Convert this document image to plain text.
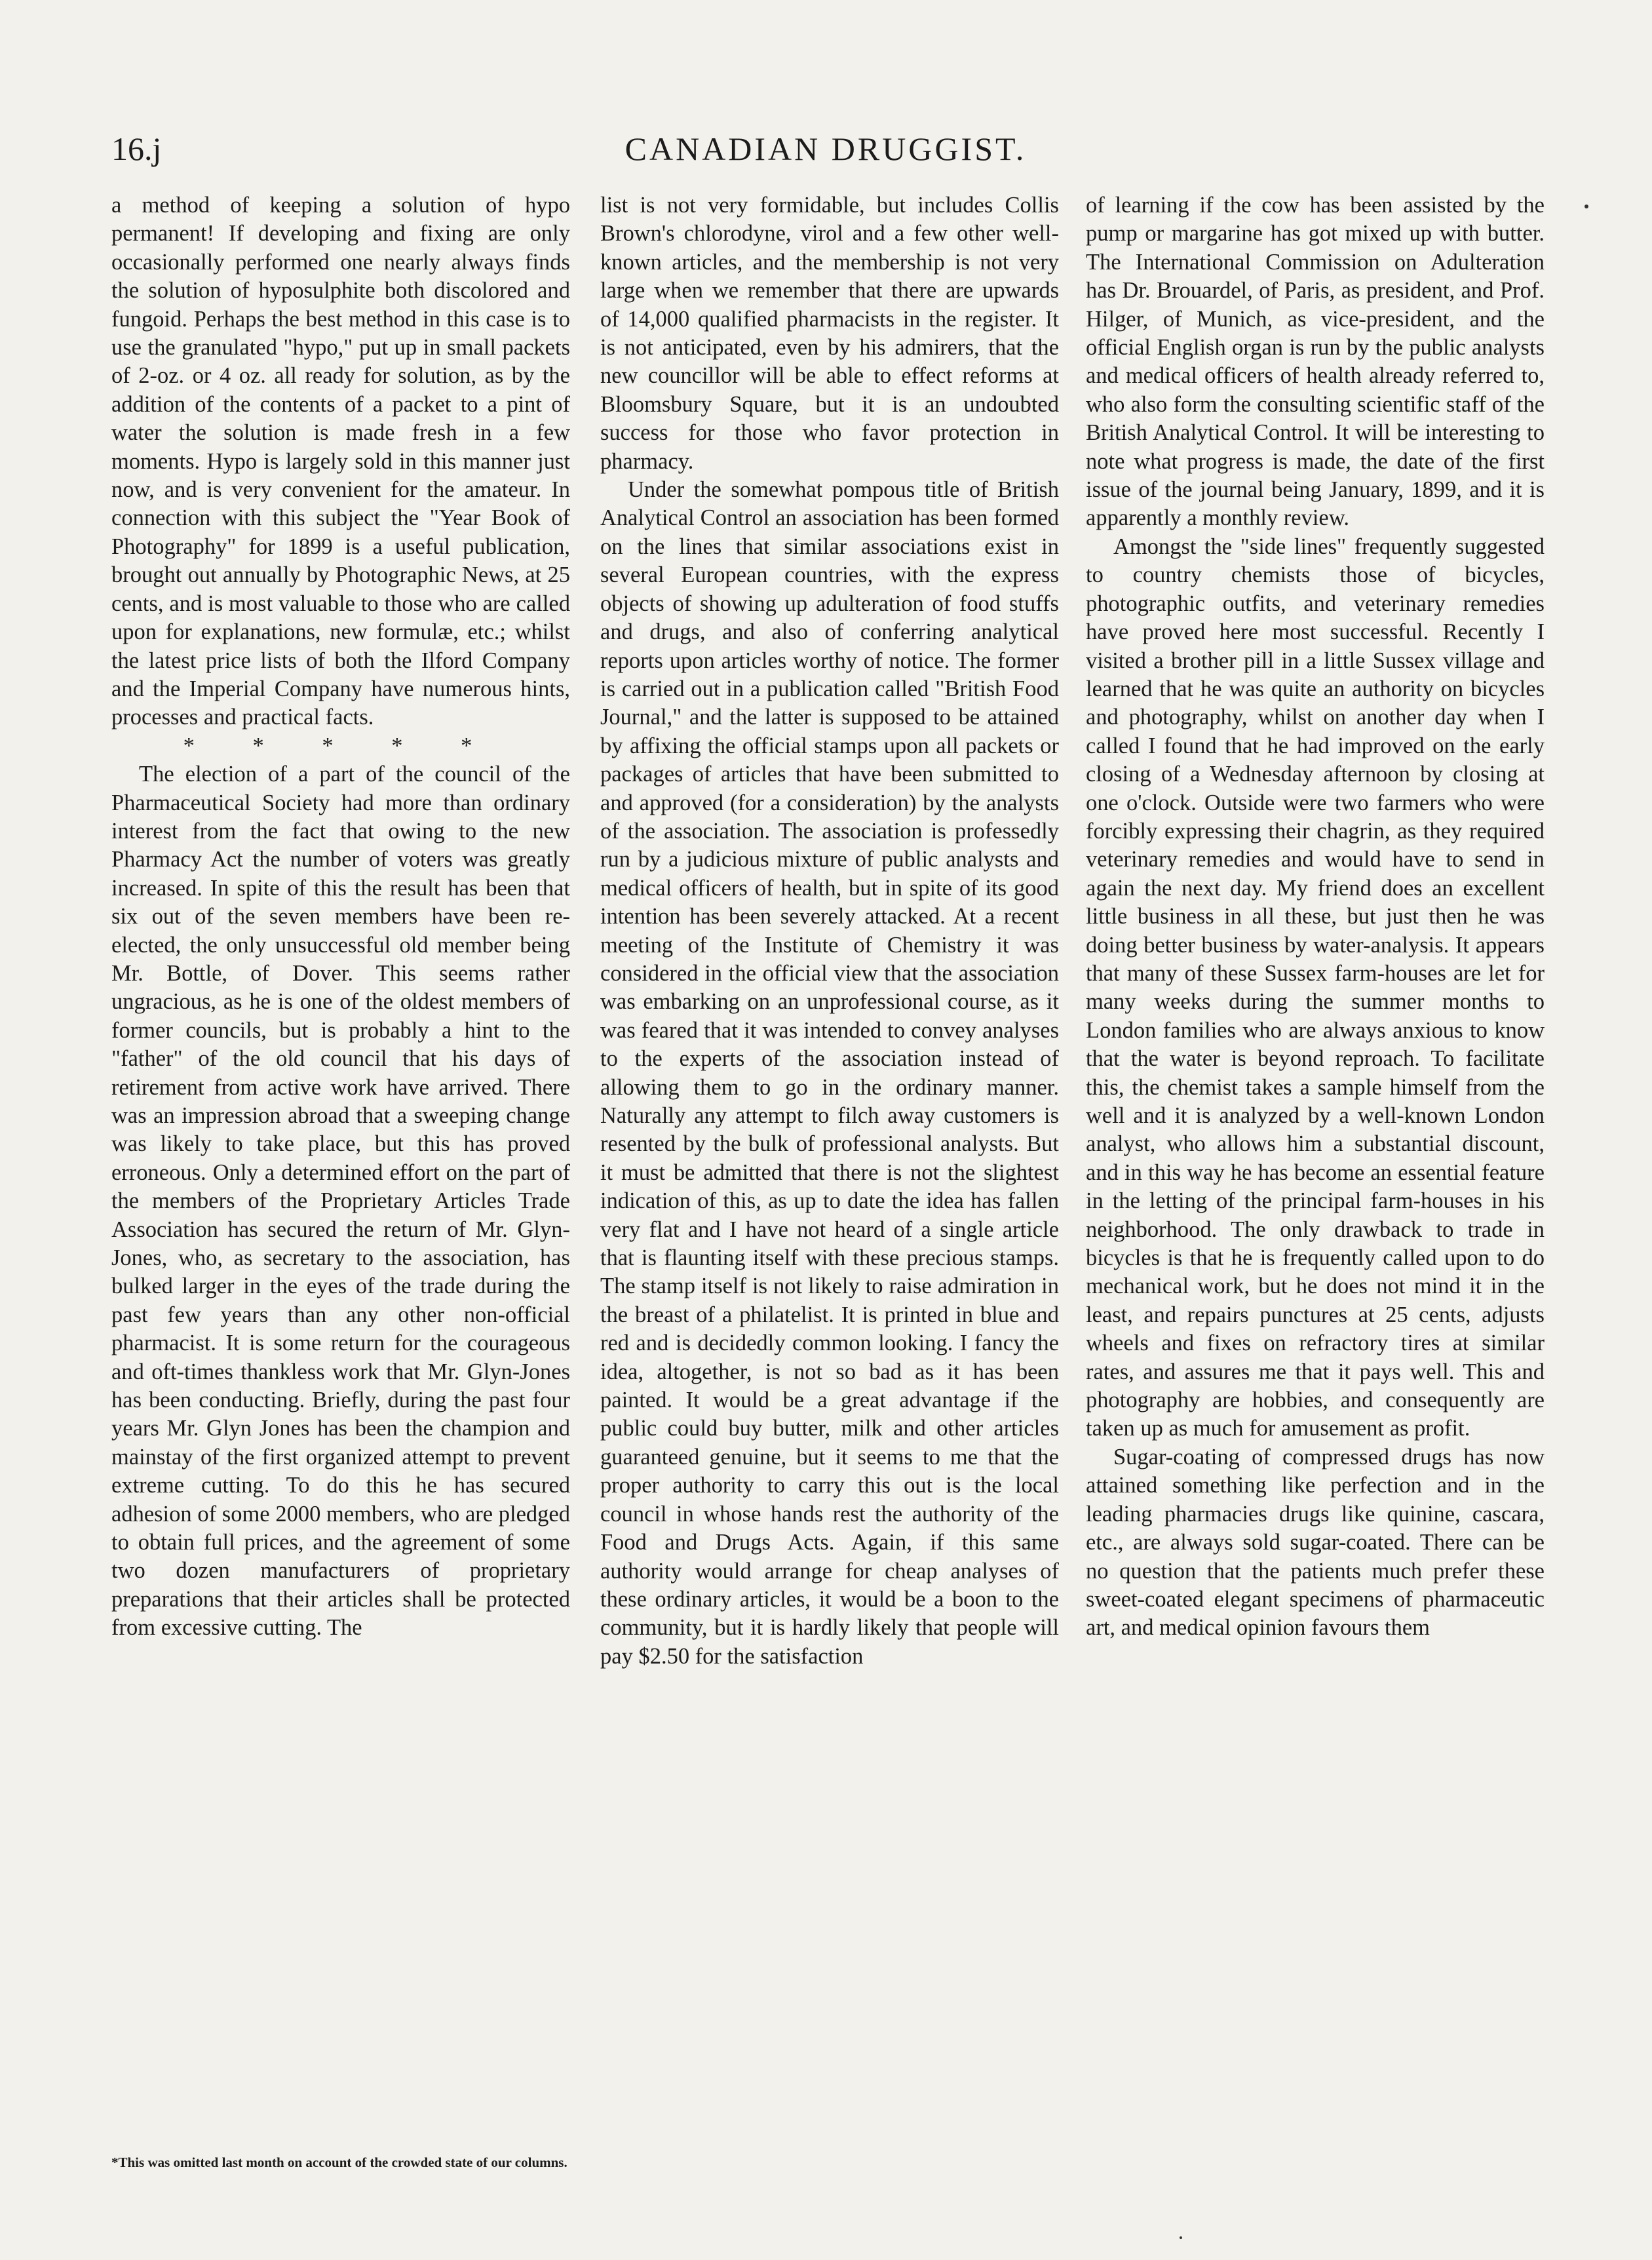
16.j	CANADIAN DRUGGIST.

a method of keeping a solution of hypo permanent! If developing and fixing are only occasionally performed one nearly always finds the solution of hyposulphite both discolored and fungoid. Perhaps the best method in this case is to use the granulated "hypo," put up in small packets of 2-oz. or 4 oz. all ready for solution, as by the addition of the contents of a packet to a pint of water the solution is made fresh in a few moments. Hypo is largely sold in this manner just now, and is very convenient for the amateur. In connection with this subject the "Year Book of Photography" for 1899 is a useful publication, brought out annually by Photographic News, at 25 cents, and is most valuable to those who are called upon for explanations, new formulæ, etc.; whilst the latest price lists of both the Ilford Company and the Imperial Company have numerous hints, processes and practical facts.

* * * * *

The election of a part of the council of the Pharmaceutical Society had more than ordinary interest from the fact that owing to the new Pharmacy Act the number of voters was greatly increased. In spite of this the result has been that six out of the seven members have been re-elected, the only unsuccessful old member being Mr. Bottle, of Dover. This seems rather ungracious, as he is one of the oldest members of former councils, but is probably a hint to the "father" of the old council that his days of retirement from active work have arrived. There was an impression abroad that a sweeping change was likely to take place, but this has proved erroneous. Only a determined effort on the part of the members of the Proprietary Articles Trade Association has secured the return of Mr. Glyn-Jones, who, as secretary to the association, has bulked larger in the eyes of the trade during the past few years than any other non-official pharmacist. It is some return for the courageous and oft-times thankless work that Mr. Glyn-Jones has been conducting. Briefly, during the past four years Mr. Glyn Jones has been the champion and mainstay of the first organized attempt to prevent extreme cutting. To do this he has secured adhesion of some 2000 members, who are pledged to obtain full prices, and the agreement of some two dozen manufacturers of proprietary preparations that their articles shall be protected from excessive cutting. The

*This was omitted last month on account of the crowded state of our columns.

list is not very formidable, but includes Collis Brown's chlorodyne, virol and a few other well-known articles, and the membership is not very large when we remember that there are upwards of 14,000 qualified pharmacists in the register. It is not anticipated, even by his admirers, that the new councillor will be able to effect reforms at Bloomsbury Square, but it is an undoubted success for those who favor protection in pharmacy.

Under the somewhat pompous title of British Analytical Control an association has been formed on the lines that similar associations exist in several European countries, with the express objects of showing up adulteration of food stuffs and drugs, and also of conferring analytical reports upon articles worthy of notice. The former is carried out in a publication called "British Food Journal," and the latter is supposed to be attained by affixing the official stamps upon all packets or packages of articles that have been submitted to and approved (for a consideration) by the analysts of the association. The association is professedly run by a judicious mixture of public analysts and medical officers of health, but in spite of its good intention has been severely attacked. At a recent meeting of the Institute of Chemistry it was considered in the official view that the association was embarking on an unprofessional course, as it was feared that it was intended to convey analyses to the experts of the association instead of allowing them to go in the ordinary manner. Naturally any attempt to filch away customers is resented by the bulk of professional analysts. But it must be admitted that there is not the slightest indication of this, as up to date the idea has fallen very flat and I have not heard of a single article that is flaunting itself with these precious stamps. The stamp itself is not likely to raise admiration in the breast of a philatelist. It is printed in blue and red and is decidedly common looking. I fancy the idea, altogether, is not so bad as it has been painted. It would be a great advantage if the public could buy butter, milk and other articles guaranteed genuine, but it seems to me that the proper authority to carry this out is the local council in whose hands rest the authority of the Food and Drugs Acts. Again, if this same authority would arrange for cheap analyses of these ordinary articles, it would be a boon to the community, but it is hardly likely that people will pay $2.50 for the satisfaction

of learning if the cow has been assisted by the pump or margarine has got mixed up with butter. The International Commission on Adulteration has Dr. Brouardel, of Paris, as president, and Prof. Hilger, of Munich, as vice-president, and the official English organ is run by the public analysts and medical officers of health already referred to, who also form the consulting scientific staff of the British Analytical Control. It will be interesting to note what progress is made, the date of the first issue of the journal being January, 1899, and it is apparently a monthly review.

Amongst the "side lines" frequently suggested to country chemists those of bicycles, photographic outfits, and veterinary remedies have proved here most successful. Recently I visited a brother pill in a little Sussex village and learned that he was quite an authority on bicycles and photography, whilst on another day when I called I found that he had improved on the early closing of a Wednesday afternoon by closing at one o'clock. Outside were two farmers who were forcibly expressing their chagrin, as they required veterinary remedies and would have to send in again the next day. My friend does an excellent little business in all these, but just then he was doing better business by water-analysis. It appears that many of these Sussex farm-houses are let for many weeks during the summer months to London families who are always anxious to know that the water is beyond reproach. To facilitate this, the chemist takes a sample himself from the well and it is analyzed by a well-known London analyst, who allows him a substantial discount, and in this way he has become an essential feature in the letting of the principal farm-houses in his neighborhood. The only drawback to trade in bicycles is that he is frequently called upon to do mechanical work, but he does not mind it in the least, and repairs punctures at 25 cents, adjusts wheels and fixes on refractory tires at similar rates, and assures me that it pays well. This and photography are hobbies, and consequently are taken up as much for amusement as profit.

Sugar-coating of compressed drugs has now attained something like perfection and in the leading pharmacies drugs like quinine, cascara, etc., are always sold sugar-coated. There can be no question that the patients much prefer these sweet-coated elegant specimens of pharmaceutic art, and medical opinion favours them
